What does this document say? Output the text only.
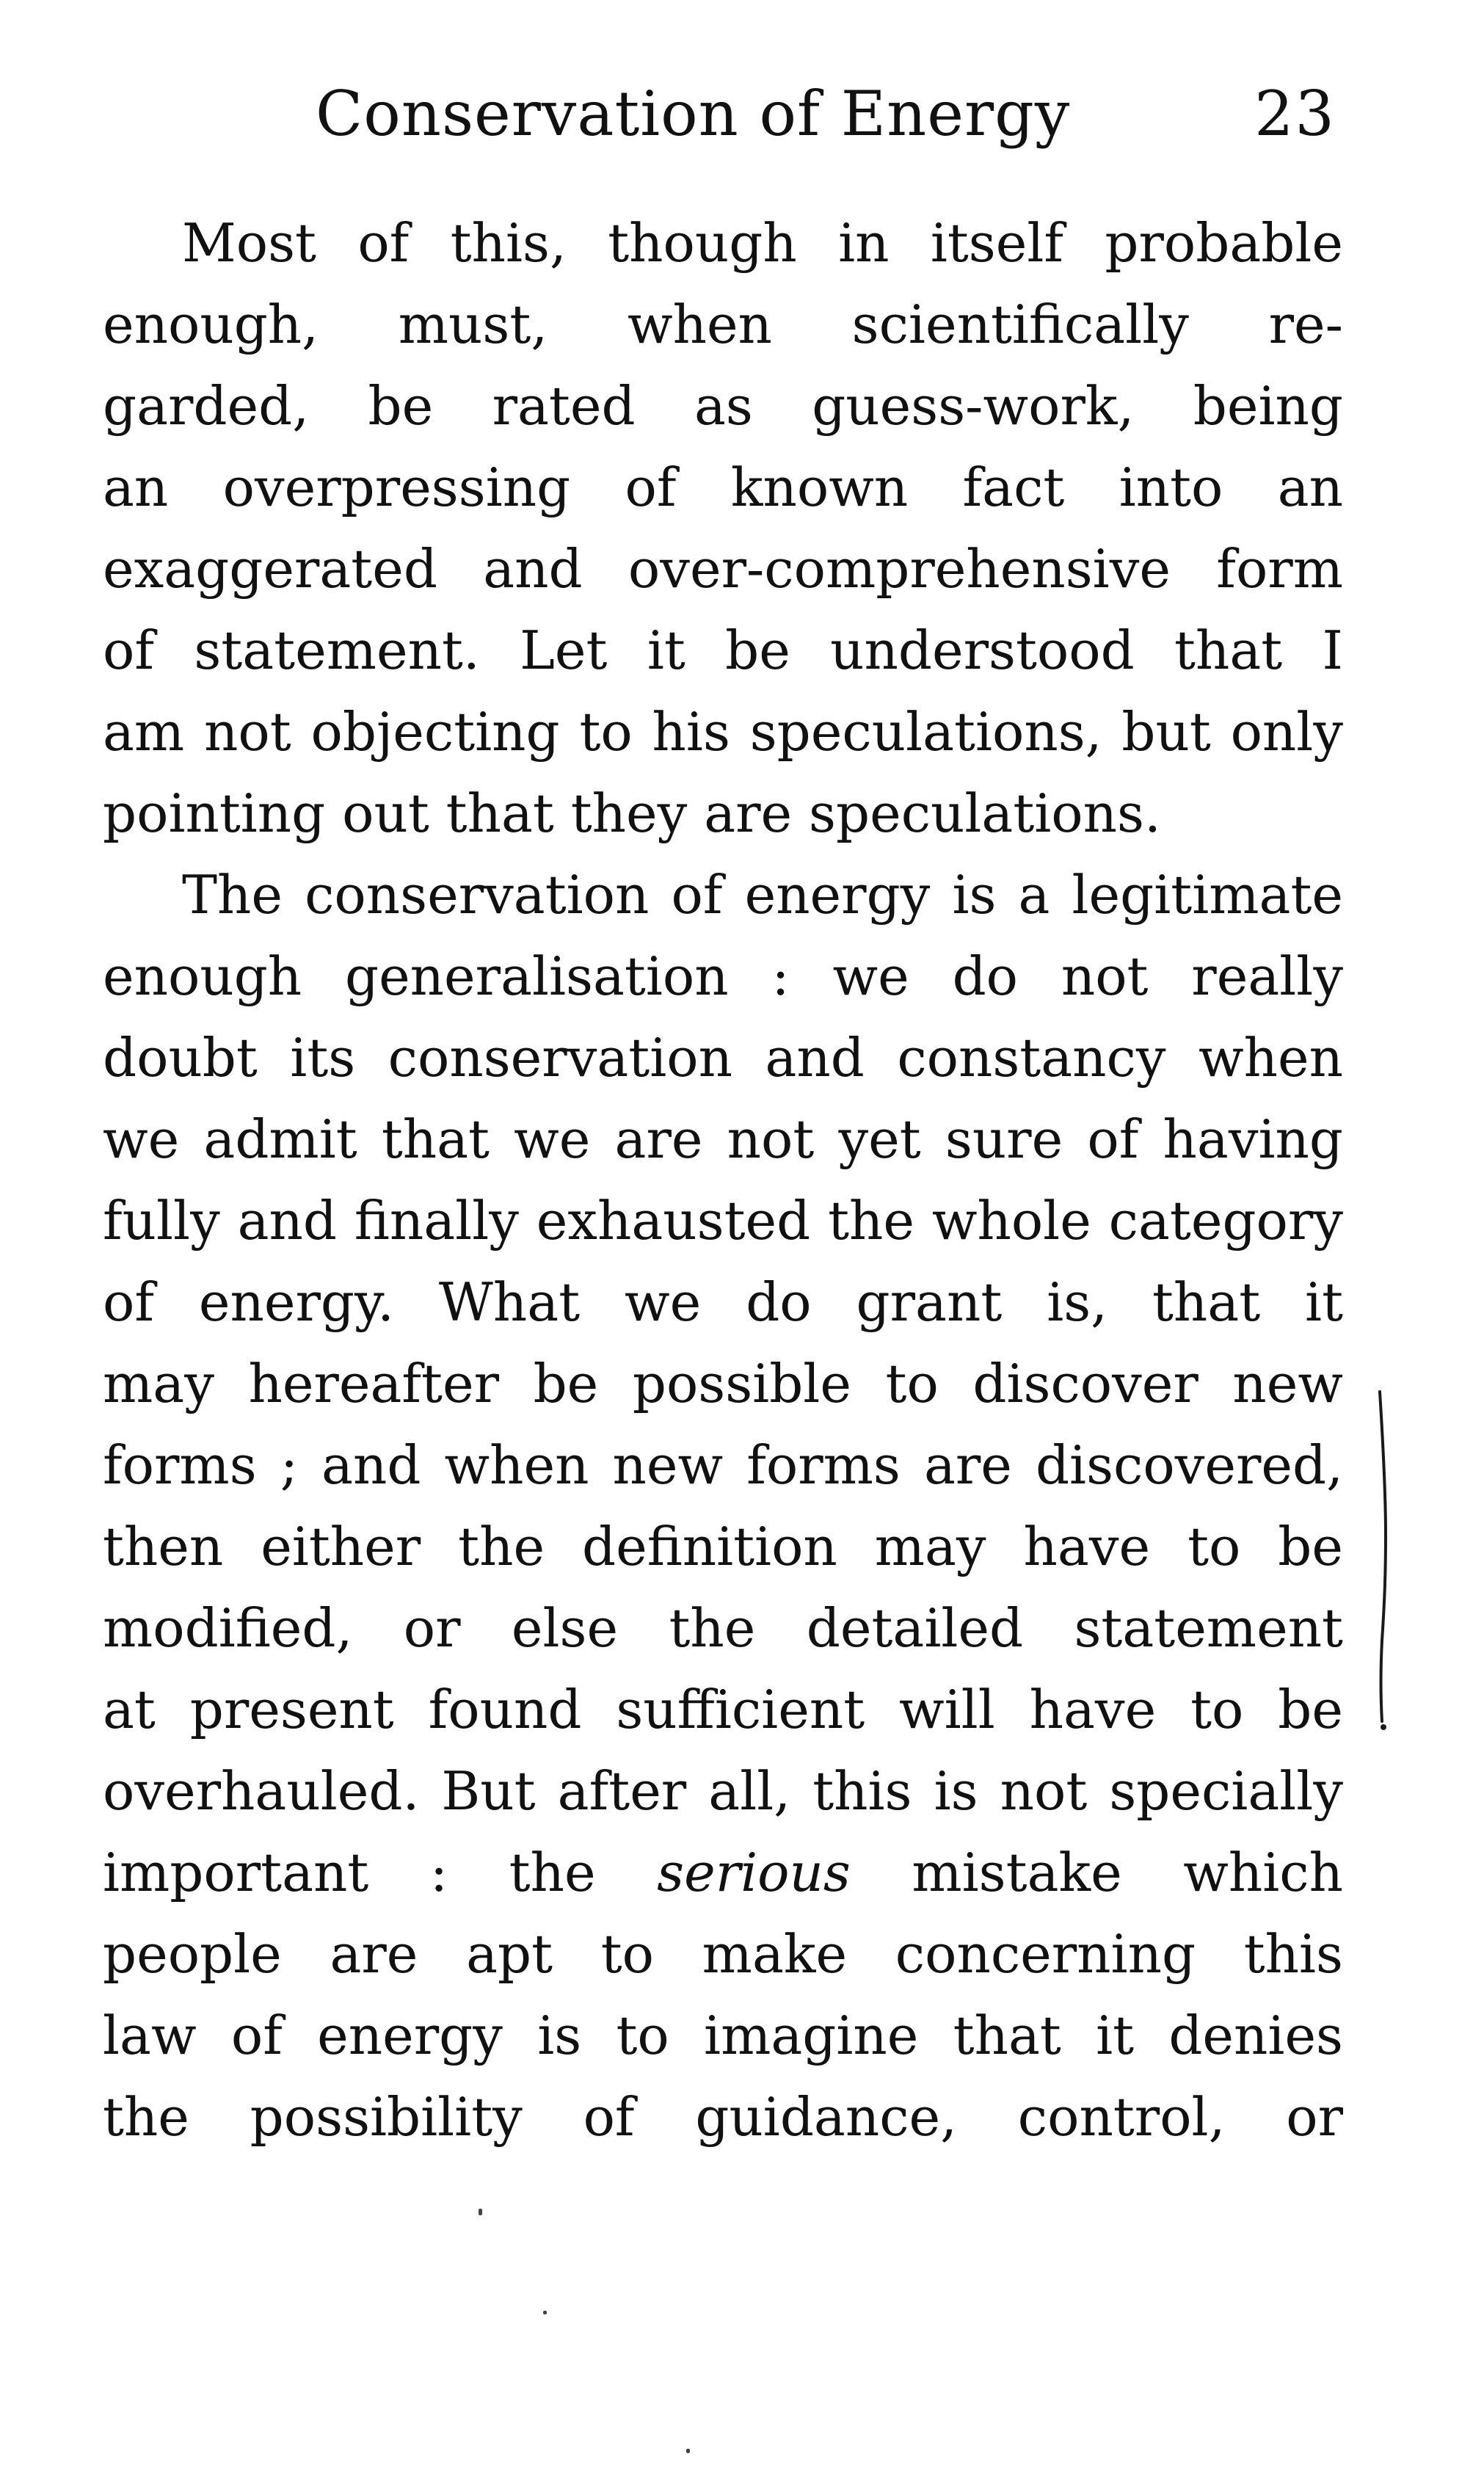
Conservation of Energy	23
Most of this, though in itself probable
enough, must, when scientifically re-
garded, be rated as guess-work, being
an overpressing of known fact into an
exaggerated and over-comprehensive form
of statement. Let it be understood that I
am not objecting to his speculations, but only
pointing out that they are speculations.
The conservation of energy is a legitimate
enough generalisation : we do not really
doubt its conservation and constancy when
we admit that we are not yet sure of having
fully and finally exhausted the whole category
of energy. What we do grant is, that it
may hereafter be possible to discover new
forms ; and when new forms are discovered,
then either the definition may have to be
modified, or else the detailed statement
at present found sufficient will have to be
overhauled. But after all, this is not specially
important : the serious mistake which
people are apt to make concerning this
law of energy is to imagine that it denies
the possibility of guidance, control, or
